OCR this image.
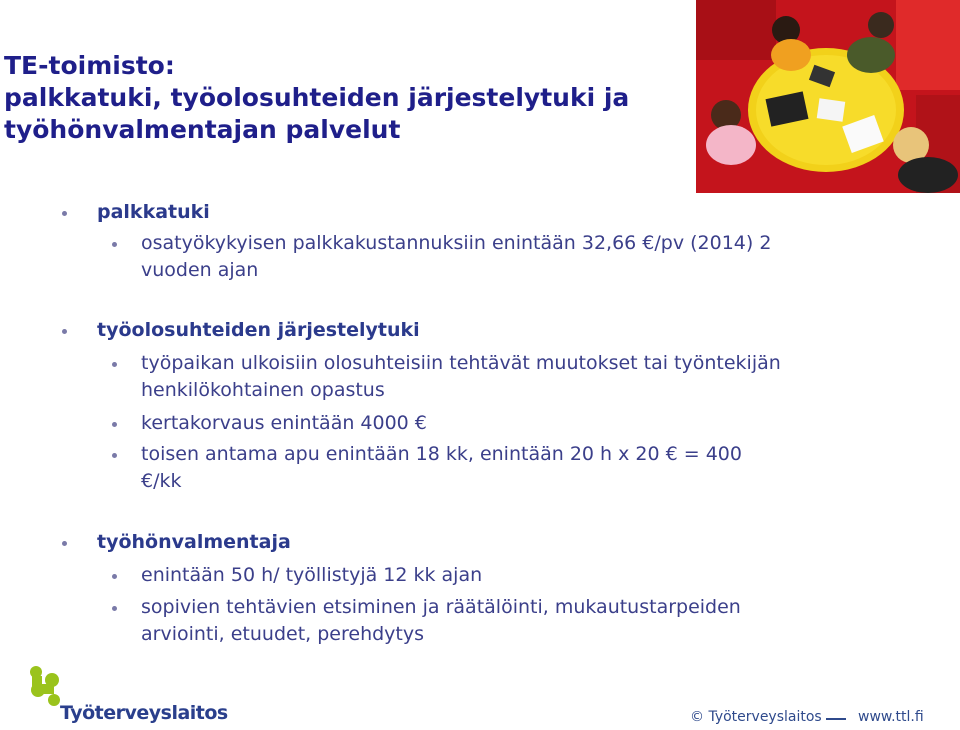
TE-toimisto:
palkkatuki, työolosuhteiden järjestelytuki ja
työhönvalmentajan palvelut
palkkatuki
osatyökykyisen palkkakustannuksiin enintään 32,66 €/pv (2014) 2
vuoden ajan
työolosuhteiden järjestelytuki
työpaikan ulkoisiin olosuhteisiin tehtävät muutokset tai työntekijän
henkilökohtainen opastus
kertakorvaus enintään 4000 €
toisen antama apu enintään 18 kk, enintään 20 h x 20 € = 400
€/kk
työhönvalmentaja
enintään 50 h/ työllistyjä 12 kk ajan
sopivien tehtävien etsiminen ja räätälöinti, mukautustarpeiden
arviointi, etuudet, perehdytys
Työterveyslaitos	© Työterveyslaitos	www.ttl.fi
